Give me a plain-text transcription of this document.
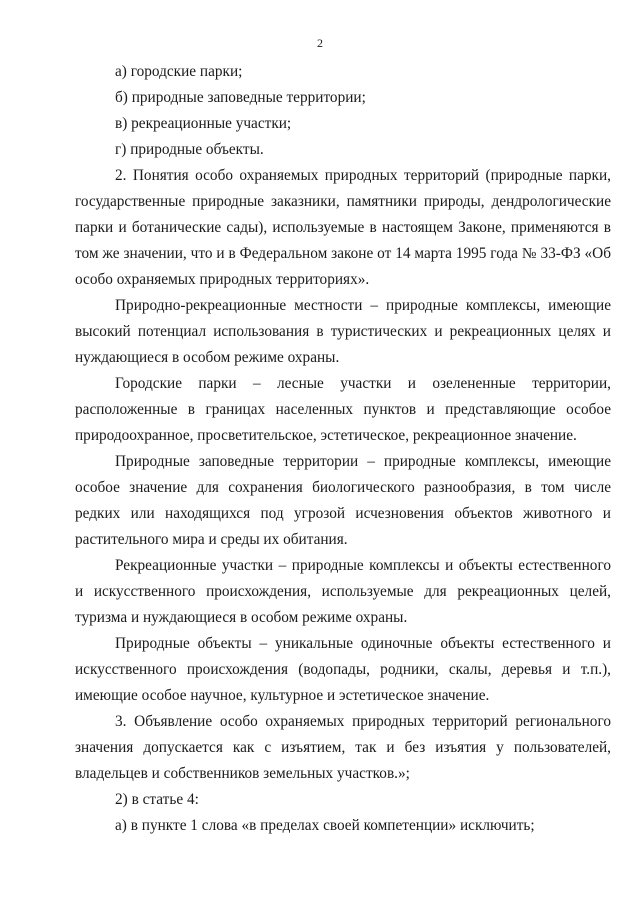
2

а) городские парки;

б) природные заповедные территории;

в) рекреационные участки;

г) природные объекты.

2. Понятия особо охраняемых природных территорий (природные парки, государственные природные заказники, памятники природы, дендрологические парки и ботанические сады), используемые в настоящем Законе, применяются в том же значении, что и в Федеральном законе от 14 марта 1995 года № 33-ФЗ «Об особо охраняемых природных территориях».

Природно-рекреационные местности – природные комплексы, имеющие высокий потенциал использования в туристических и рекреационных целях и нуждающиеся в особом режиме охраны.

Городские парки – лесные участки и озелененные территории, расположенные в границах населенных пунктов и представляющие особое природоохранное, просветительское, эстетическое, рекреационное значение.

Природные заповедные территории – природные комплексы, имеющие особое значение для сохранения биологического разнообразия, в том числе редких или находящихся под угрозой исчезновения объектов животного и растительного мира и среды их обитания.

Рекреационные участки – природные комплексы и объекты естественного и искусственного происхождения, используемые для рекреационных целей, туризма и нуждающиеся в особом режиме охраны.

Природные объекты – уникальные одиночные объекты естественного и искусственного происхождения (водопады, родники, скалы, деревья и т.п.), имеющие особое научное, культурное и эстетическое значение.

3. Объявление особо охраняемых природных территорий регионального значения допускается как с изъятием, так и без изъятия у пользователей, владельцев и собственников земельных участков.»;

2) в статье 4:

а) в пункте 1 слова «в пределах своей компетенции» исключить;
